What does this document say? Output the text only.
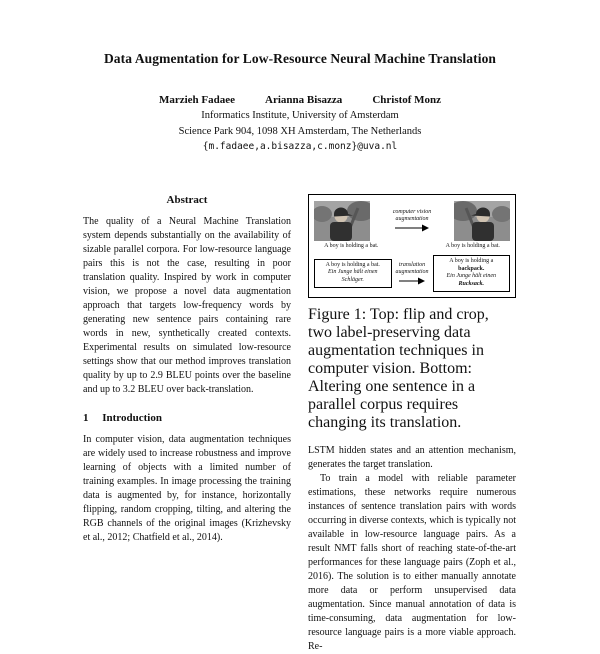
Data Augmentation for Low-Resource Neural Machine Translation
Marzieh Fadaee	Arianna Bisazza	Christof Monz
Informatics Institute, University of Amsterdam
Science Park 904, 1098 XH Amsterdam, The Netherlands
{m.fadaee,a.bisazza,c.monz}@uva.nl
Abstract

The quality of a Neural Machine Translation system depends substantially on the availability of sizable parallel corpora. For low-resource language pairs this is not the case, resulting in poor translation quality. Inspired by work in computer vision, we propose a novel data augmentation approach that targets low-frequency words by generating new sentence pairs containing rare words in new, synthetically created contexts. Experimental results on simulated low-resource settings show that our method improves translation quality by up to 2.9 BLEU points over the baseline and up to 3.2 BLEU over back-translation.

1 Introduction

In computer vision, data augmentation techniques are widely used to increase robustness and improve learning of objects with a limited number of training examples. In image processing the training data is augmented by, for instance, horizontally flipping, random cropping, tilting, and altering the RGB channels of the original images (Krizhevsky et al., 2012; Chatfield et al., 2014).

computer vision
augmentation
A boy is holding a bat.	A boy is holding a bat.
A boy is holding a bat.
Ein Junge hält einen Schläger.
translation
augmentation
A boy is holding a backpack.
Ein Junge hält einen Rucksack.
Figure 1: Top: flip and crop, two label-preserving data augmentation techniques in computer vision. Bottom: Altering one sentence in a parallel corpus requires changing its translation.

LSTM hidden states and an attention mechanism, generates the target translation.

To train a model with reliable parameter estimations, these networks require numerous instances of sentence translation pairs with words occurring in diverse contexts, which is typically not available in low-resource language pairs. As a result NMT falls short of reaching state-of-the-art performances for these language pairs (Zoph et al., 2016). The solution is to either manually annotate more data or perform unsupervised data augmentation. Since manual annotation of data is time-consuming, data augmentation for low-resource language pairs is a more viable approach. Re-
